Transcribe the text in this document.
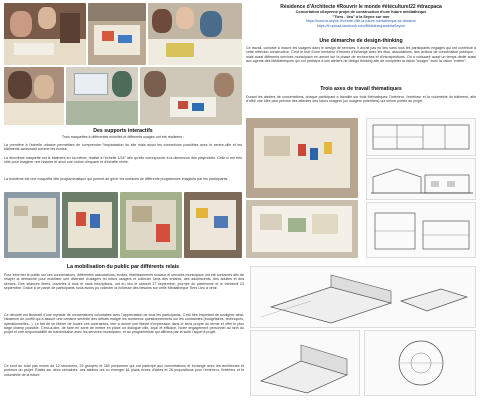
Résidence d'Architecte #Rouvrir le monde #étéculturel22 #dracpaca
Concertation citoyenne projet de construction d'une future médiathèque
"Tiers - lieu" à la Seyne sur mer
https://www.la-seyne.fr/centre-ville-la-future-mediatheque-se-dessine/
https://fr.upload.facebook.com/BibliothequesdelaSeyne/
Une démarche de design-thinking
Ce travail, consiste à inclure les usagers dans le design de services. Il aurait pas eu lieu sans tous les participants engagés qui ont contribué à cette réflexion constructive. C'est le fruit d'une trentaine d'heures d'échange avec les élus, associations, des actions de concertation publique... mais aussi différents services municipaux en amont sur la phase de recherches et d'introspections. On a consacré aussi un temps dédié aussi aux agents des Médiathèques qui ont participé à ces ateliers de design thinking afin de compléter la vision "usager" avec la vision "métier".
Trois axes de travail thématiques
Durant les ateliers de concertations, chaque participant a travaillé sur trois thématiques: l'intérieur, l'extérieur et la volumétrie du bâtiment, afin d'offrir une idée plus précise des attentes des futurs usagers (ou usagers potentiels) qui seront portés au projet.
Des supports interactifs
Trois maquettes à différentes échelles et différents usages ont été réalisées :
La première à l'échelle urbaine permettant de comprendre l'implantation du site mais aussi les connexions possibles avec le centre-ville et les bâtiments avoisinant comme les écoles.
La deuxième maquette est le bâtiment en lui-même, réalisé à l'échelle 1/24° afin qu'elle corresponde à la dimension des playmobils. Celle-ci est très utile pour imaginer une histoire et avoir une notion d'espace et d'échelle réelle.
La troisième est une maquette dite programmatique qui permet de gérer les surfaces de différents programmes imaginés par les participants.
La mobilisation du public par différents relais
Pour informer le public sur ces concertations, différentes associations, écoles, établissements sociaux et services municipaux ont été contactés afin de relayer la démarche pour mobiliser une diversité d'usagers tel futurs usagers et collecter l'avis des enfants, des adolescents, des adultes et des séniors. Des séances libres, ouvertes à tous et sans inscriptions, ont eu lieu le samedi 17 septembre, journée du patrimoine et le vendredi 23 septembre. Grâce à ce panel de participants nous avons pu collecter la richesse des besoins sur cette Médiathèque Tiers Lieu à venir.
Ce dérouté est illustratif d'une myriade de concertations volontaires avec l'appréciation de tous les participants. C'est très important de souligner ainsi, l'absence de conflit qui a assuré une certaine sérénité des débats malgré les nombreux questionnements sur les contraintes (budgétaires, techniques, opérationnelles...). Le fait de se libérer de toutes ces contraintes, leur a donné une liberté d'expression dans le sens propre du terme et offre le plus large champ possible. C'est-à-dire, de faire en sorte de mettre en place un dialogue ville, loyal et efficace. Notre engagement personnel au sein du projet et une responsabilité de transmission avec les services municipaux, et au programmiste qui affinera par la suite l'appel à projet.
Ce sont au total pas moins de 12 structures, 29 groupes et 160 personnes qui ont participé aux concertations et échangé avec les architectes et porteurs du projet. Étalés sur deux semaines, ces ateliers ont vu émerger 61 plans riches d'idées et 26 propositions pour l'extérieur, l'intérieur et la volumétrie de la future.
